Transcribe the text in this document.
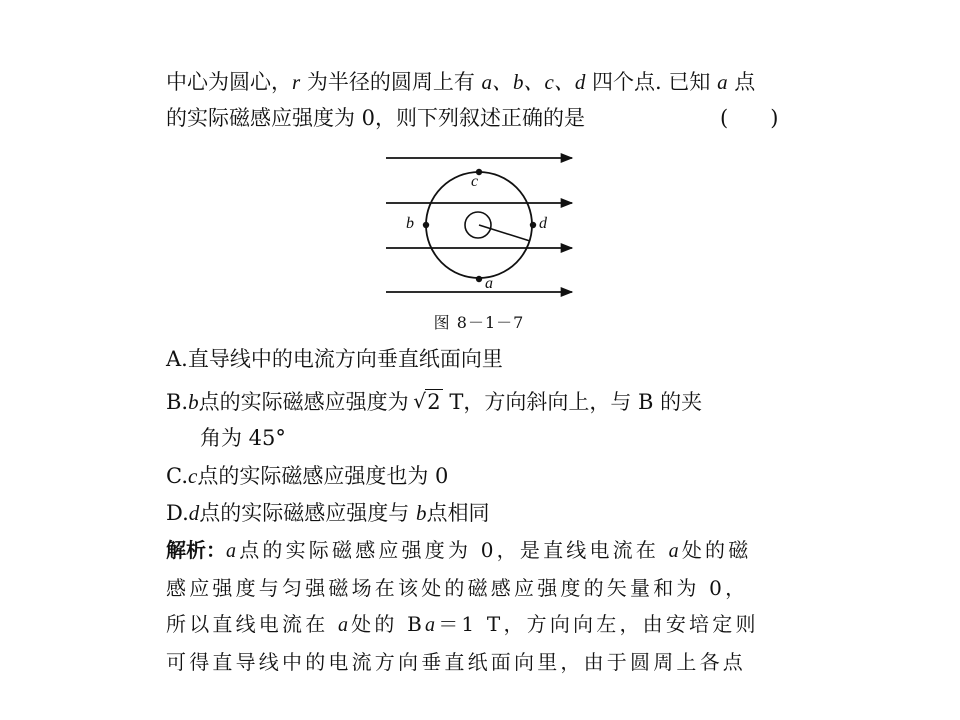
中心为圆心，r 为半径的圆周上有 a、b、c、d 四个点. 已知 a 点
的实际磁感应强度为 0，则下列叙述正确的是	(　　)
c
a
b	d
图 8－1－7
A.直导线中的电流方向垂直纸面向里
B.b点的实际磁感应强度为 √ 2 T，方向斜向上，与 B 的夹
角为 45°
C.c点的实际磁感应强度也为 0
D.d点的实际磁感应强度与 b点相同
解析：a点的实际磁感应强度为 0，是直线电流在 a处的磁
感应强度与匀强磁场在该处的磁感应强度的矢量和为 0，
所以直线电流在 a处的 Ba＝1 T，方向向左，由安培定则
可得直导线中的电流方向垂直纸面向里，由于圆周上各点
